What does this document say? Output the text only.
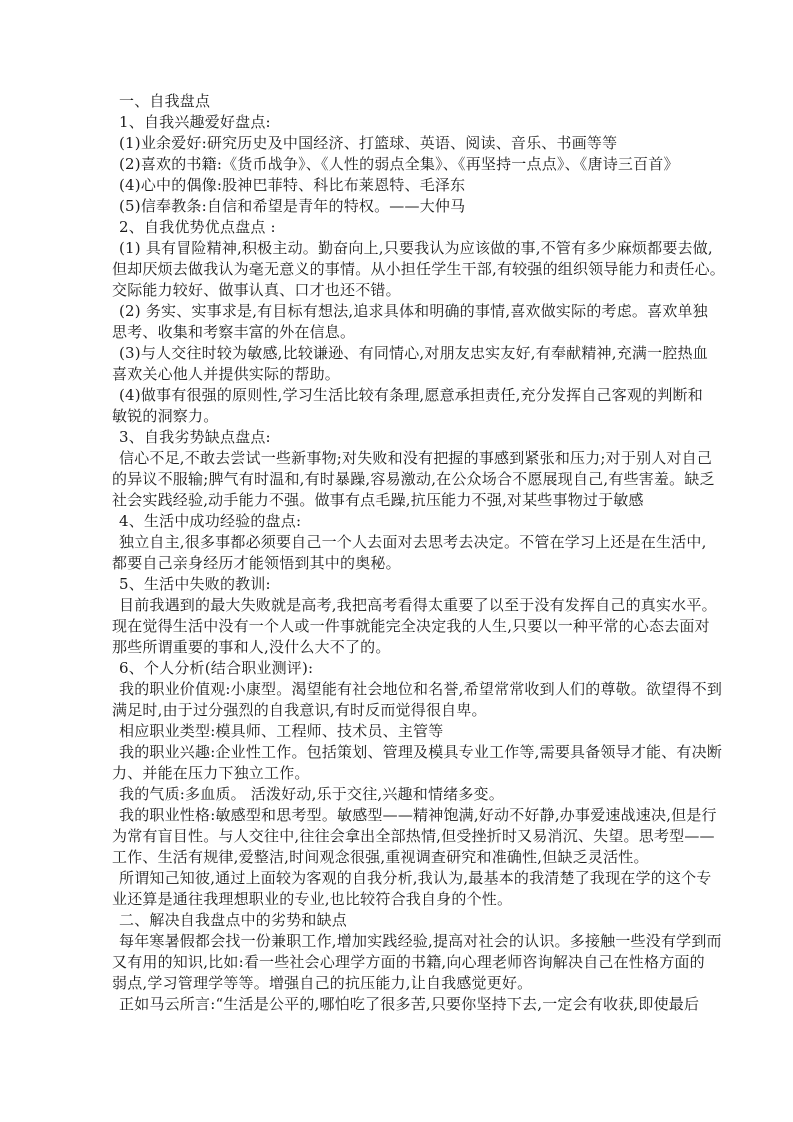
一、自我盘点
1、自我兴趣爱好盘点:
(1)业余爱好:研究历史及中国经济、打篮球、英语、阅读、音乐、书画等等
(2)喜欢的书籍:《货币战争》、《人性的弱点全集》、《再坚持一点点》、《唐诗三百首》
(4)心中的偶像:股神巴菲特、科比布莱恩特、毛泽东
(5)信奉教条:自信和希望是青年的特权。——大仲马
2、自我优势优点盘点 :
(1) 具有冒险精神,积极主动。勤奋向上,只要我认为应该做的事,不管有多少麻烦都要去做,
但却厌烦去做我认为毫无意义的事情。从小担任学生干部,有较强的组织领导能力和责任心。
交际能力较好、做事认真、口才也还不错。
(2) 务实、实事求是,有目标有想法,追求具体和明确的事情,喜欢做实际的考虑。喜欢单独
思考、收集和考察丰富的外在信息。
(3)与人交往时较为敏感,比较谦逊、有同情心,对朋友忠实友好,有奉献精神,充满一腔热血
喜欢关心他人并提供实际的帮助。
(4)做事有很强的原则性,学习生活比较有条理,愿意承担责任,充分发挥自己客观的判断和
敏锐的洞察力。
3、自我劣势缺点盘点:
信心不足,不敢去尝试一些新事物;对失败和没有把握的事感到紧张和压力;对于别人对自己
的异议不服输;脾气有时温和,有时暴躁,容易激动,在公众场合不愿展现自己,有些害羞。缺乏
社会实践经验,动手能力不强。做事有点毛躁,抗压能力不强,对某些事物过于敏感
4、生活中成功经验的盘点:
独立自主,很多事都必须要自己一个人去面对去思考去决定。不管在学习上还是在生活中,
都要自己亲身经历才能领悟到其中的奥秘。
5、生活中失败的教训:
目前我遇到的最大失败就是高考,我把高考看得太重要了以至于没有发挥自己的真实水平。
现在觉得生活中没有一个人或一件事就能完全决定我的人生,只要以一种平常的心态去面对
那些所谓重要的事和人,没什么大不了的。
6、个人分析(结合职业测评):
我的职业价值观:小康型。渴望能有社会地位和名誉,希望常常收到人们的尊敬。欲望得不到
满足时,由于过分强烈的自我意识,有时反而觉得很自卑。
相应职业类型:模具师、工程师、技术员、主管等
我的职业兴趣:企业性工作。包括策划、管理及模具专业工作等,需要具备领导才能、有决断
力、并能在压力下独立工作。
我的气质:多血质。 活泼好动,乐于交往,兴趣和情绪多变。
我的职业性格:敏感型和思考型。敏感型——精神饱满,好动不好静,办事爱速战速决,但是行
为常有盲目性。与人交往中,往往会拿出全部热情,但受挫折时又易消沉、失望。思考型——
工作、生活有规律,爱整洁,时间观念很强,重视调查研究和准确性,但缺乏灵活性。
所谓知己知彼,通过上面较为客观的自我分析,我认为,最基本的我清楚了我现在学的这个专
业还算是通往我理想职业的专业,也比较符合我自身的个性。
二、解决自我盘点中的劣势和缺点
每年寒暑假都会找一份兼职工作,增加实践经验,提高对社会的认识。多接触一些没有学到而
又有用的知识,比如:看一些社会心理学方面的书籍,向心理老师咨询解决自己在性格方面的
弱点,学习管理学等等。增强自己的抗压能力,让自我感觉更好。
正如马云所言:“生活是公平的,哪怕吃了很多苦,只要你坚持下去,一定会有收获,即使最后
